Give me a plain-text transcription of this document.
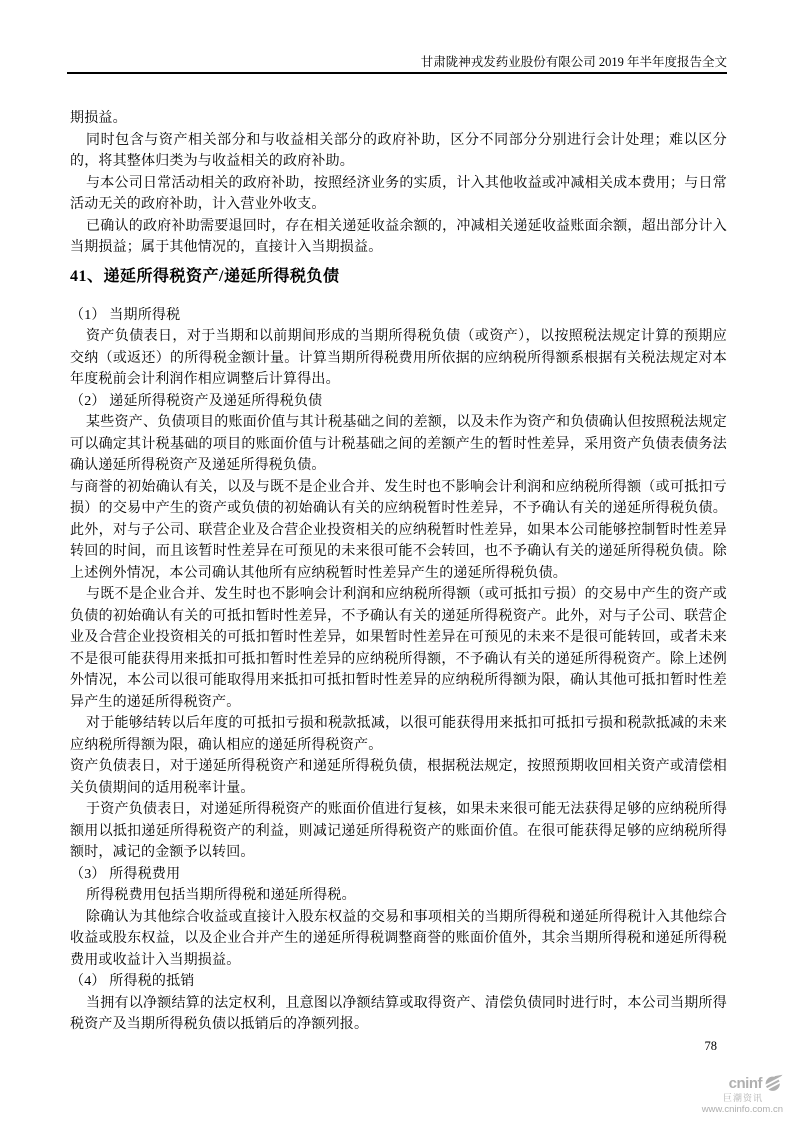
甘肃陇神戎发药业股份有限公司 2019 年半年度报告全文

期损益。

同时包含与资产相关部分和与收益相关部分的政府补助，区分不同部分分别进行会计处理；难以区分的，将其整体归类为与收益相关的政府补助。

与本公司日常活动相关的政府补助，按照经济业务的实质，计入其他收益或冲减相关成本费用；与日常活动无关的政府补助，计入营业外收支。

已确认的政府补助需要退回时，存在相关递延收益余额的，冲减相关递延收益账面余额，超出部分计入当期损益；属于其他情况的，直接计入当期损益。

41、递延所得税资产/递延所得税负债

（1） 当期所得税

资产负债表日，对于当期和以前期间形成的当期所得税负债（或资产），以按照税法规定计算的预期应交纳（或返还）的所得税金额计量。计算当期所得税费用所依据的应纳税所得额系根据有关税法规定对本年度税前会计利润作相应调整后计算得出。

（2） 递延所得税资产及递延所得税负债

某些资产、负债项目的账面价值与其计税基础之间的差额，以及未作为资产和负债确认但按照税法规定可以确定其计税基础的项目的账面价值与计税基础之间的差额产生的暂时性差异，采用资产负债表债务法确认递延所得税资产及递延所得税负债。

与商誉的初始确认有关，以及与既不是企业合并、发生时也不影响会计利润和应纳税所得额（或可抵扣亏损）的交易中产生的资产或负债的初始确认有关的应纳税暂时性差异，不予确认有关的递延所得税负债。此外，对与子公司、联营企业及合营企业投资相关的应纳税暂时性差异，如果本公司能够控制暂时性差异转回的时间，而且该暂时性差异在可预见的未来很可能不会转回，也不予确认有关的递延所得税负债。除上述例外情况，本公司确认其他所有应纳税暂时性差异产生的递延所得税负债。

与既不是企业合并、发生时也不影响会计利润和应纳税所得额（或可抵扣亏损）的交易中产生的资产或负债的初始确认有关的可抵扣暂时性差异，不予确认有关的递延所得税资产。此外，对与子公司、联营企业及合营企业投资相关的可抵扣暂时性差异，如果暂时性差异在可预见的未来不是很可能转回，或者未来不是很可能获得用来抵扣可抵扣暂时性差异的应纳税所得额，不予确认有关的递延所得税资产。除上述例外情况，本公司以很可能取得用来抵扣可抵扣暂时性差异的应纳税所得额为限，确认其他可抵扣暂时性差异产生的递延所得税资产。

对于能够结转以后年度的可抵扣亏损和税款抵减，以很可能获得用来抵扣可抵扣亏损和税款抵减的未来应纳税所得额为限，确认相应的递延所得税资产。

资产负债表日，对于递延所得税资产和递延所得税负债，根据税法规定，按照预期收回相关资产或清偿相关负债期间的适用税率计量。

于资产负债表日，对递延所得税资产的账面价值进行复核，如果未来很可能无法获得足够的应纳税所得额用以抵扣递延所得税资产的利益，则减记递延所得税资产的账面价值。在很可能获得足够的应纳税所得额时，减记的金额予以转回。

（3） 所得税费用

所得税费用包括当期所得税和递延所得税。

除确认为其他综合收益或直接计入股东权益的交易和事项相关的当期所得税和递延所得税计入其他综合收益或股东权益，以及企业合并产生的递延所得税调整商誉的账面价值外，其余当期所得税和递延所得税费用或收益计入当期损益。

（4） 所得税的抵销

当拥有以净额结算的法定权利，且意图以净额结算或取得资产、清偿负债同时进行时，本公司当期所得税资产及当期所得税负债以抵销后的净额列报。

78
cninf
巨潮资讯
www.cninfo.com.cn
